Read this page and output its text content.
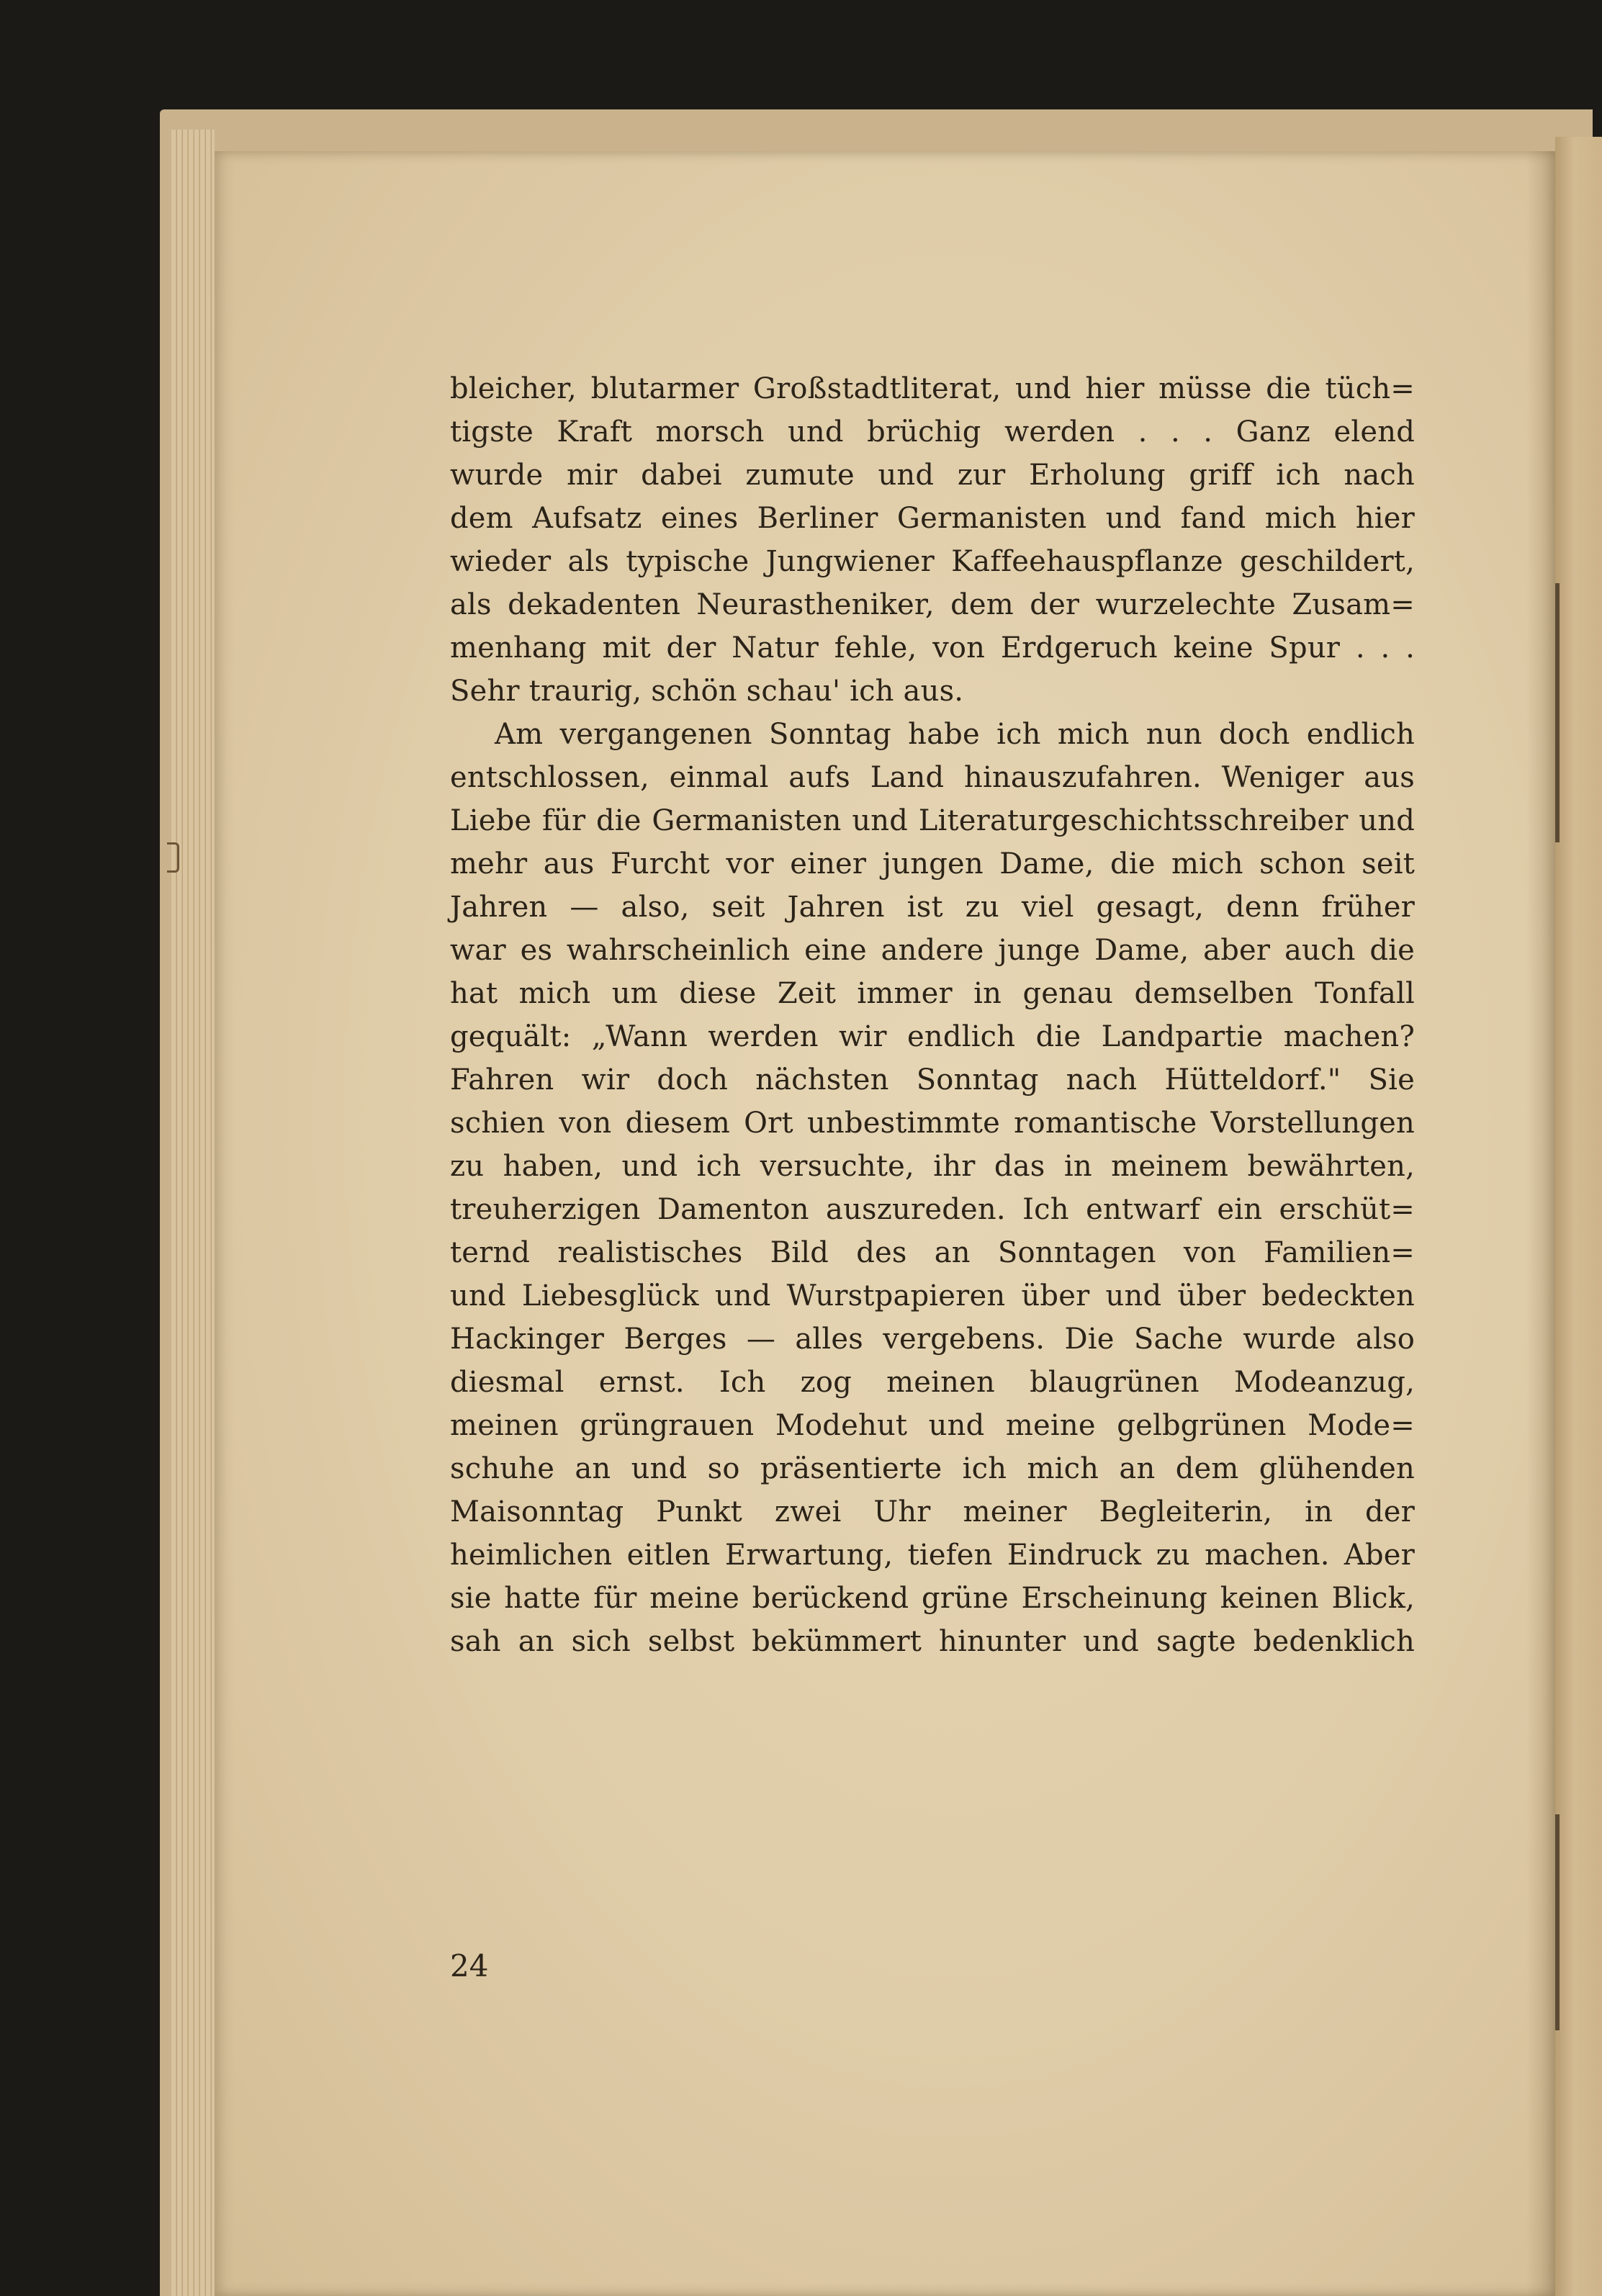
bleicher, blutarmer Großstadtliterat, und hier müsse die tüch=
tigste Kraft morsch und brüchig werden . . . Ganz elend
wurde mir dabei zumute und zur Erholung griff ich nach
dem Aufsatz eines Berliner Germanisten und fand mich hier
wieder als typische Jungwiener Kaffeehauspflanze geschildert,
als dekadenten Neurastheniker, dem der wurzelechte Zusam=
menhang mit der Natur fehle, von Erdgeruch keine Spur . . .
Sehr traurig, schön schau' ich aus.
Am vergangenen Sonntag habe ich mich nun doch endlich
entschlossen, einmal aufs Land hinauszufahren. Weniger aus
Liebe für die Germanisten und Literaturgeschichtsschreiber und
mehr aus Furcht vor einer jungen Dame, die mich schon seit
Jahren — also, seit Jahren ist zu viel gesagt, denn früher
war es wahrscheinlich eine andere junge Dame, aber auch die
hat mich um diese Zeit immer in genau demselben Tonfall
gequält: „Wann werden wir endlich die Landpartie machen?
Fahren wir doch nächsten Sonntag nach Hütteldorf." Sie
schien von diesem Ort unbestimmte romantische Vorstellungen
zu haben, und ich versuchte, ihr das in meinem bewährten,
treuherzigen Damenton auszureden. Ich entwarf ein erschüt=
ternd realistisches Bild des an Sonntagen von Familien=
und Liebesglück und Wurstpapieren über und über bedeckten
Hackinger Berges — alles vergebens. Die Sache wurde also
diesmal ernst. Ich zog meinen blaugrünen Modeanzug,
meinen grüngrauen Modehut und meine gelbgrünen Mode=
schuhe an und so präsentierte ich mich an dem glühenden
Maisonntag Punkt zwei Uhr meiner Begleiterin, in der
heimlichen eitlen Erwartung, tiefen Eindruck zu machen. Aber
sie hatte für meine berückend grüne Erscheinung keinen Blick,
sah an sich selbst bekümmert hinunter und sagte bedenklich
24
